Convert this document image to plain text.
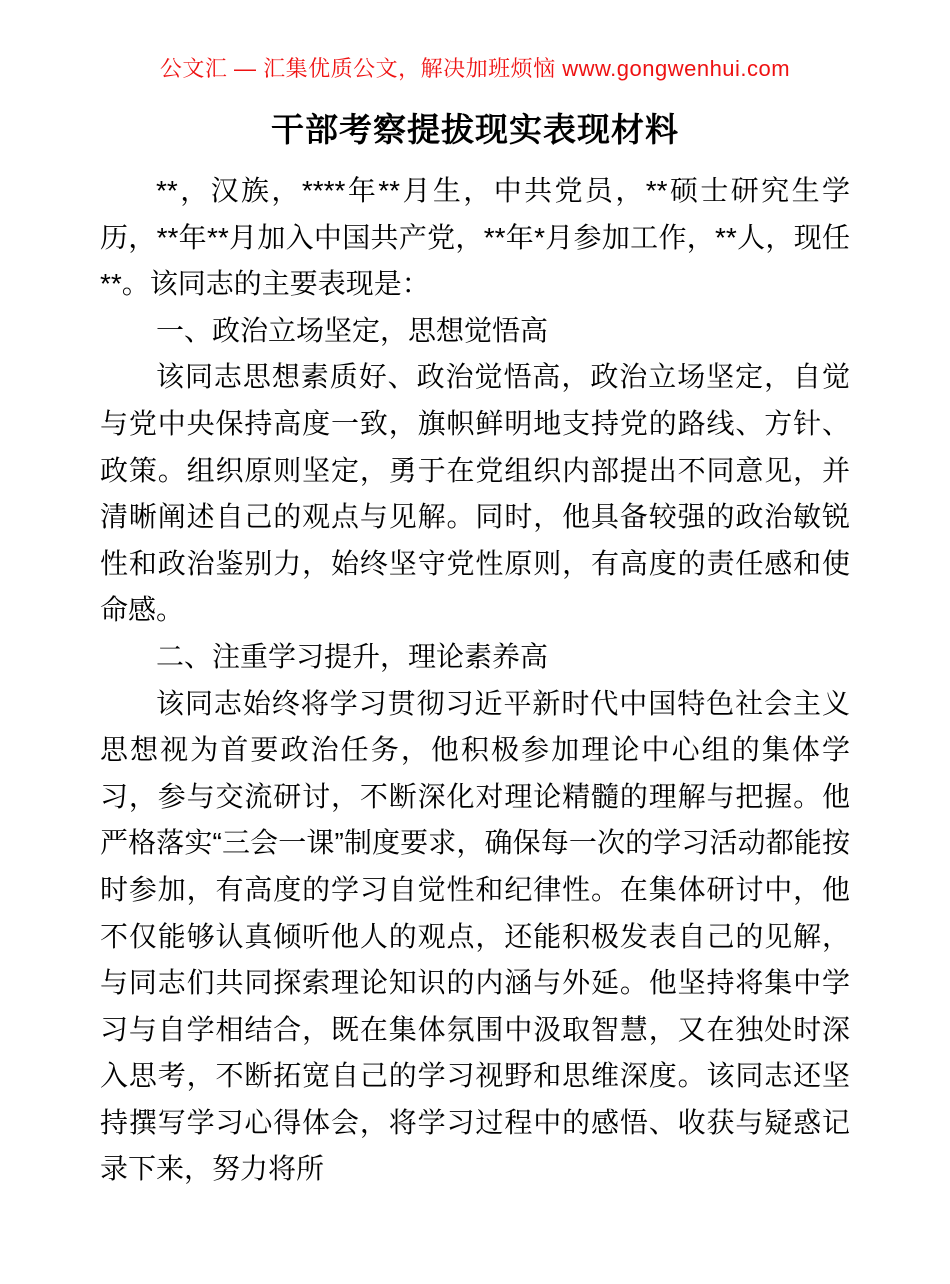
公文汇 — 汇集优质公文，解决加班烦恼 www.gongwenhui.com
干部考察提拔现实表现材料

**，汉族，****年**月生，中共党员，**硕士研究生学历，**年**月加入中国共产党，**年*月参加工作，**人，现任**。该同志的主要表现是：

一、政治立场坚定，思想觉悟高

该同志思想素质好、政治觉悟高，政治立场坚定，自觉与党中央保持高度一致，旗帜鲜明地支持党的路线、方针、政策。组织原则坚定，勇于在党组织内部提出不同意见，并清晰阐述自己的观点与见解。同时，他具备较强的政治敏锐性和政治鉴别力，始终坚守党性原则，有高度的责任感和使命感。

二、注重学习提升，理论素养高

该同志始终将学习贯彻习近平新时代中国特色社会主义思想视为首要政治任务，他积极参加理论中心组的集体学习，参与交流研讨，不断深化对理论精髓的理解与把握。他严格落实“三会一课”制度要求，确保每一次的学习活动都能按时参加，有高度的学习自觉性和纪律性。在集体研讨中，他不仅能够认真倾听他人的观点，还能积极发表自己的见解，与同志们共同探索理论知识的内涵与外延。他坚持将集中学习与自学相结合，既在集体氛围中汲取智慧，又在独处时深入思考，不断拓宽自己的学习视野和思维深度。该同志还坚持撰写学习心得体会，将学习过程中的感悟、收获与疑惑记录下来，努力将所
